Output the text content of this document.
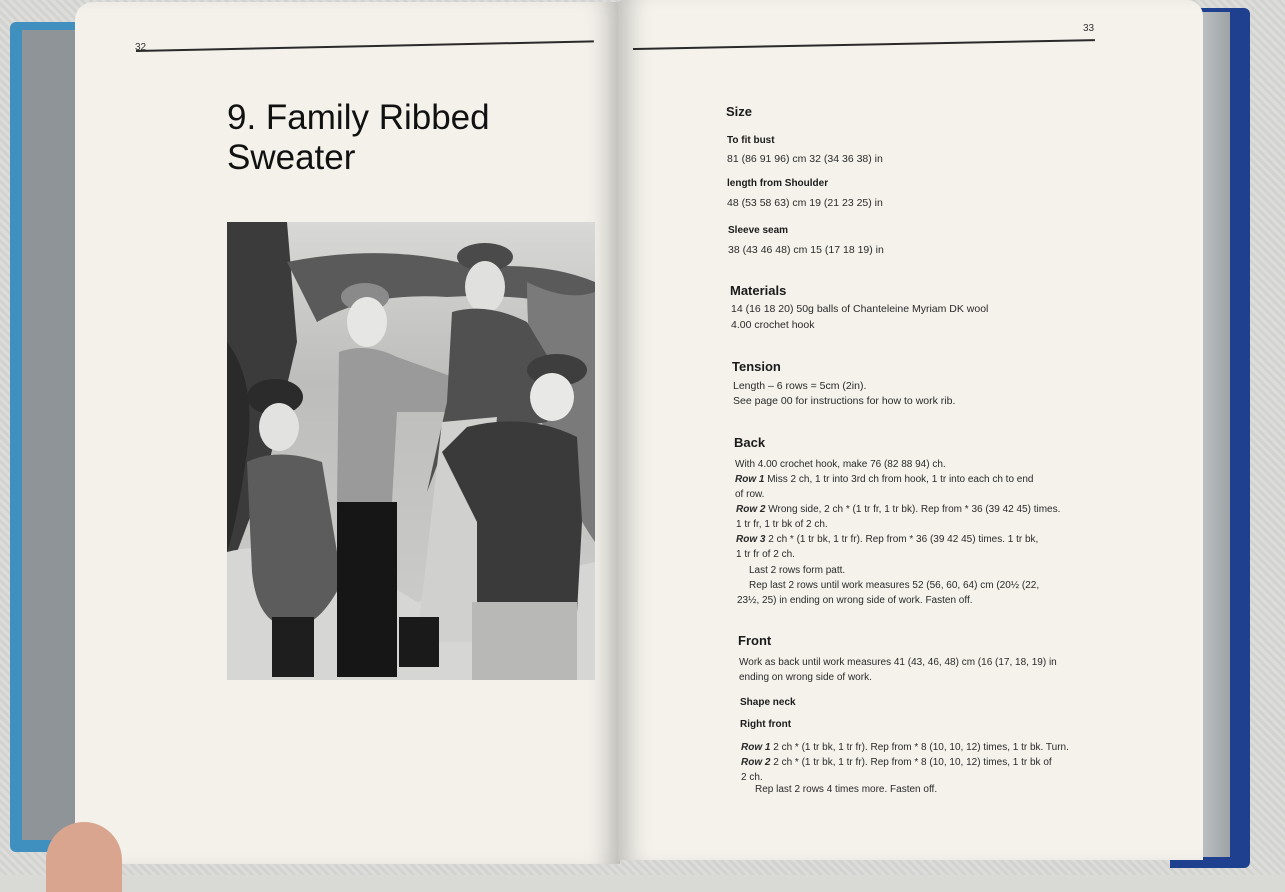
32
9. Family Ribbed
Sweater
33
Size
To fit bust
81 (86 91 96) cm 32 (34 36 38) in
length from Shoulder
48 (53 58 63) cm 19 (21 23 25) in
Sleeve seam
38 (43 46 48) cm 15 (17 18 19) in
Materials
14 (16 18 20) 50g balls of Chanteleine Myriam DK wool
4.00 crochet hook
Tension
Length – 6 rows = 5cm (2in).
See page 00 for instructions for how to work rib.
Back
With 4.00 crochet hook, make 76 (82 88 94) ch.
Row 1 Miss 2 ch, 1 tr into 3rd ch from hook, 1 tr into each ch to end
of row.
Row 2 Wrong side, 2 ch * (1 tr fr, 1 tr bk). Rep from * 36 (39 42 45) times.
1 tr fr, 1 tr bk of 2 ch.
Row 3 2 ch * (1 tr bk, 1 tr fr). Rep from * 36 (39 42 45) times. 1 tr bk,
1 tr fr of 2 ch.
Last 2 rows form patt.
Rep last 2 rows until work measures 52 (56, 60, 64) cm (20½ (22,
23½, 25) in ending on wrong side of work. Fasten off.
Front
Work as back until work measures 41 (43, 46, 48) cm (16 (17, 18, 19) in
ending on wrong side of work.
Shape neck
Right front
Row 1 2 ch * (1 tr bk, 1 tr fr). Rep from * 8 (10, 10, 12) times, 1 tr bk. Turn.
Row 2 2 ch * (1 tr bk, 1 tr fr). Rep from * 8 (10, 10, 12) times, 1 tr bk of
2 ch.
Rep last 2 rows 4 times more. Fasten off.
